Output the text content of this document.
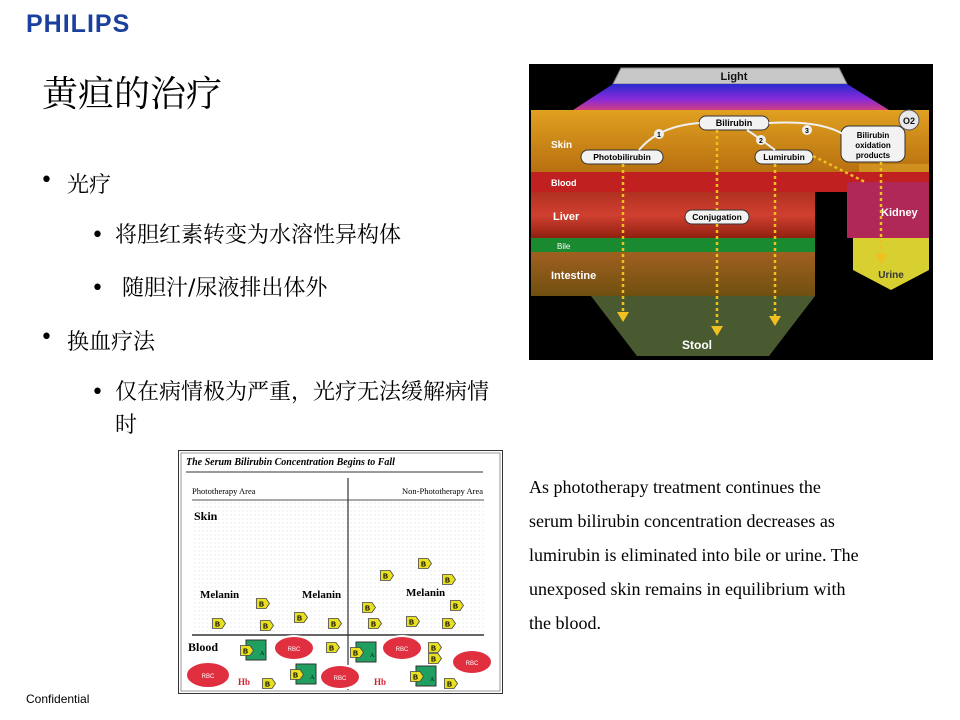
PHILIPS
黄疸的治疗
• 光疗
• 将胆红素转变为水溶性异构体
•  随胆汁/尿液排出体外
• 换血疗法
• 仅在病情极为严重，光疗无法缓解病情时
Light
Skin
Blood
Liver
Bile
Intestine
Stool
Kidney
Urine
O2
Bilirubin
Photobilirubin	Lumirubin
Bilirubin
oxidation
products
Conjugation
1
2
3
The Serum Bilirubin Concentration Begins to Fall
Phototherapy Area	Non-Phototherapy Area
Skin
Melanin	Melanin	Melanin
Blood	A
A
A
A
RBC
RBC	RBC
RBC
RBC
Hb	Hb
As phototherapy treatment continues the serum bilirubin concentration decreases as lumirubin is eliminated into bile or urine. The unexposed skin remains in equilibrium with the blood.
Confidential
